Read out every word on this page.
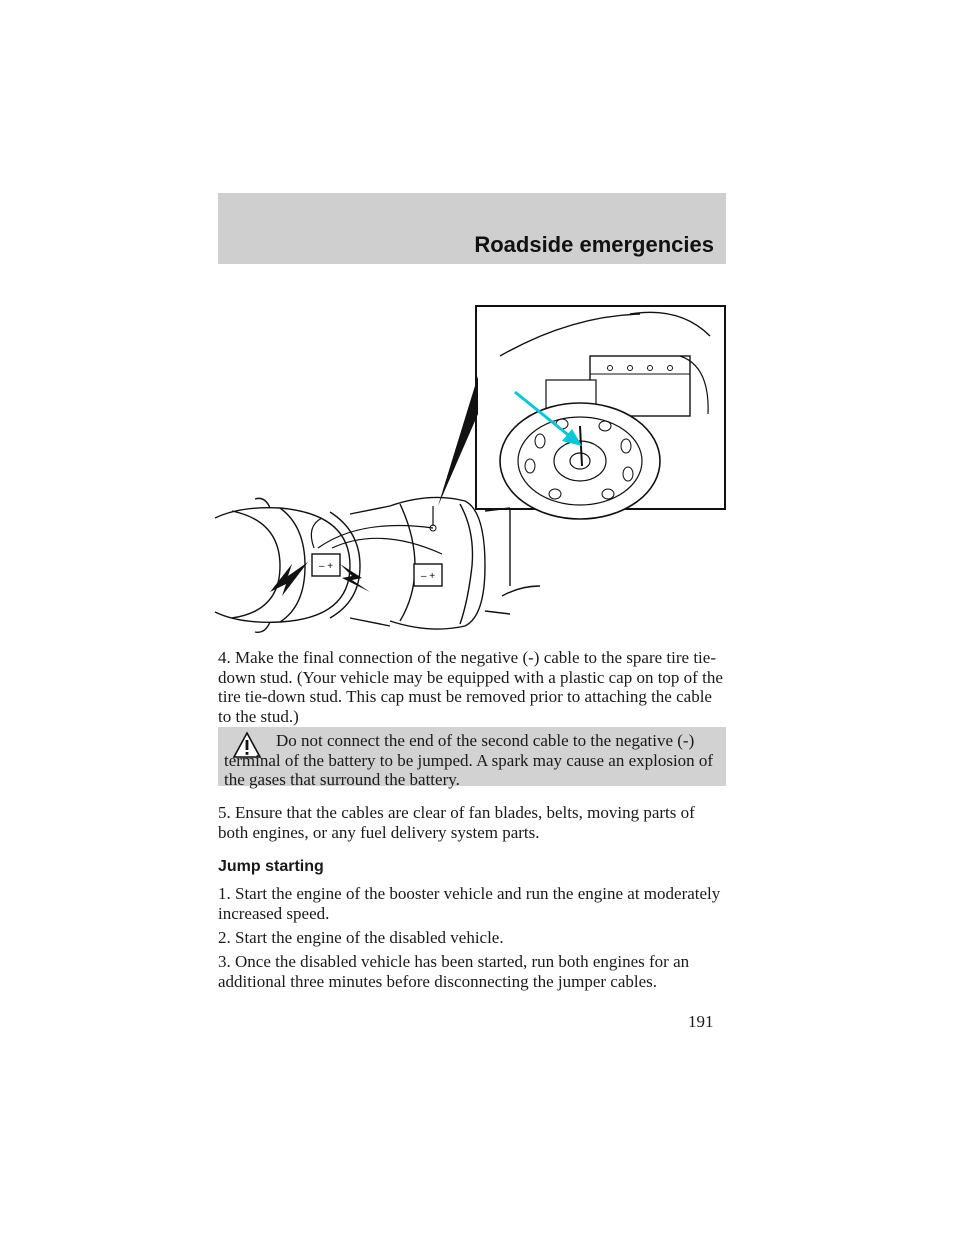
Roadside emergencies
– +
– +

4. Make the final connection of the negative (-) cable to the spare tire tie-down stud. (Your vehicle may be equipped with a plastic cap on top of the tire tie-down stud. This cap must be removed prior to attaching the cable to the stud.)

Do not connect the end of the second cable to the negative (-) terminal of the battery to be jumped. A spark may cause an explosion of the gases that surround the battery.

5. Ensure that the cables are clear of fan blades, belts, moving parts of both engines, or any fuel delivery system parts.

Jump starting

1. Start the engine of the booster vehicle and run the engine at moderately increased speed.

2. Start the engine of the disabled vehicle.

3. Once the disabled vehicle has been started, run both engines for an additional three minutes before disconnecting the jumper cables.

191
